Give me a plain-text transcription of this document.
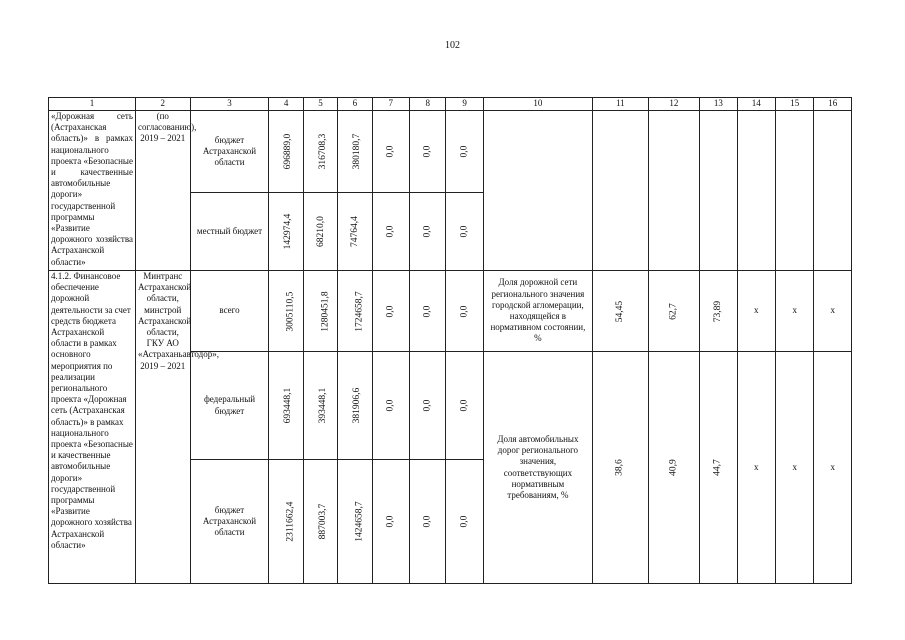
102
1	2	3	4	5	6	7	8	9	10	11	12	13	14	15	16
«Дорожная сеть (Астраханская область)» в рамках национального проекта «Безопасные и качественные автомобильные дороги» государственной программы «Развитие дорожного хозяйства Астраханской области»	(по согласованию), 2019 – 2021	бюджет Астраханской области	696889,0	316708,3	380180,7	0,0	0,0	0,0							
		местный бюджет	142974,4	68210,0	74764,4	0,0	0,0	0,0							
4.1.2. Финансовое обеспечение дорожной деятельности за счет средств бюджета Астраханской области в рамках основного мероприятия по реализации регионального проекта «Дорожная сеть (Астраханская область)» в рамках национального проекта «Безопасные и качественные автомобильные дороги» государственной программы «Развитие дорожного хозяйства Астраханской области»	Минтранс Астраханской области, минстрой Астраханской области, ГКУ АО «Астраханьавтодор», 2019 – 2021	всего	3005110,5	1280451,8	1724658,7	0,0	0,0	0,0	Доля дорожной сети регионального значения городской агломерации, находящейся в нормативном состоянии, %	54,45	62,7	73,89	x	x	x
		федеральный бюджет	693448,1	393448,1	381906,6	0,0	0,0	0,0	Доля автомобильных дорог регионального значения, соответствующих нормативным требованиям, %	38,6	40,9	44,7	x	x	x
		бюджет Астраханской области	2311662,4	887003,7	1424658,7	0,0	0,0	0,0							
